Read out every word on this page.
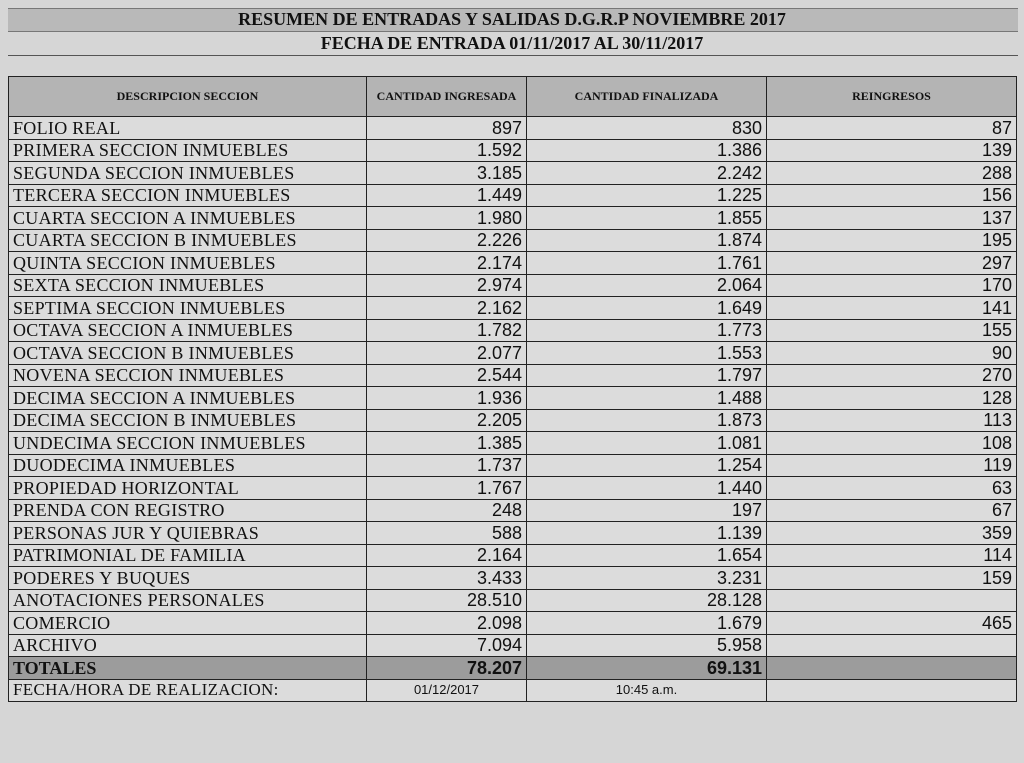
RESUMEN DE ENTRADAS Y SALIDAS D.G.R.P NOVIEMBRE 2017
FECHA DE ENTRADA 01/11/2017 AL 30/11/2017
DESCRIPCION SECCION	CANTIDAD INGRESADA	CANTIDAD FINALIZADA	REINGRESOS
FOLIO REAL	897	830	87
PRIMERA SECCION INMUEBLES	1.592	1.386	139
SEGUNDA SECCION INMUEBLES	3.185	2.242	288
TERCERA SECCION INMUEBLES	1.449	1.225	156
CUARTA SECCION A INMUEBLES	1.980	1.855	137
CUARTA SECCION B INMUEBLES	2.226	1.874	195
QUINTA SECCION INMUEBLES	2.174	1.761	297
SEXTA SECCION INMUEBLES	2.974	2.064	170
SEPTIMA SECCION INMUEBLES	2.162	1.649	141
OCTAVA SECCION A INMUEBLES	1.782	1.773	155
OCTAVA SECCION B INMUEBLES	2.077	1.553	90
NOVENA SECCION INMUEBLES	2.544	1.797	270
DECIMA SECCION A INMUEBLES	1.936	1.488	128
DECIMA SECCION B INMUEBLES	2.205	1.873	113
UNDECIMA SECCION INMUEBLES	1.385	1.081	108
DUODECIMA INMUEBLES	1.737	1.254	119
PROPIEDAD HORIZONTAL	1.767	1.440	63
PRENDA CON REGISTRO	248	197	67
PERSONAS JUR Y QUIEBRAS	588	1.139	359
PATRIMONIAL DE FAMILIA	2.164	1.654	114
PODERES Y BUQUES	3.433	3.231	159
ANOTACIONES PERSONALES	28.510	28.128	
COMERCIO	2.098	1.679	465
ARCHIVO	7.094	5.958	
TOTALES	78.207	69.131	
FECHA/HORA DE REALIZACION:	01/12/2017	10:45 a.m.	
